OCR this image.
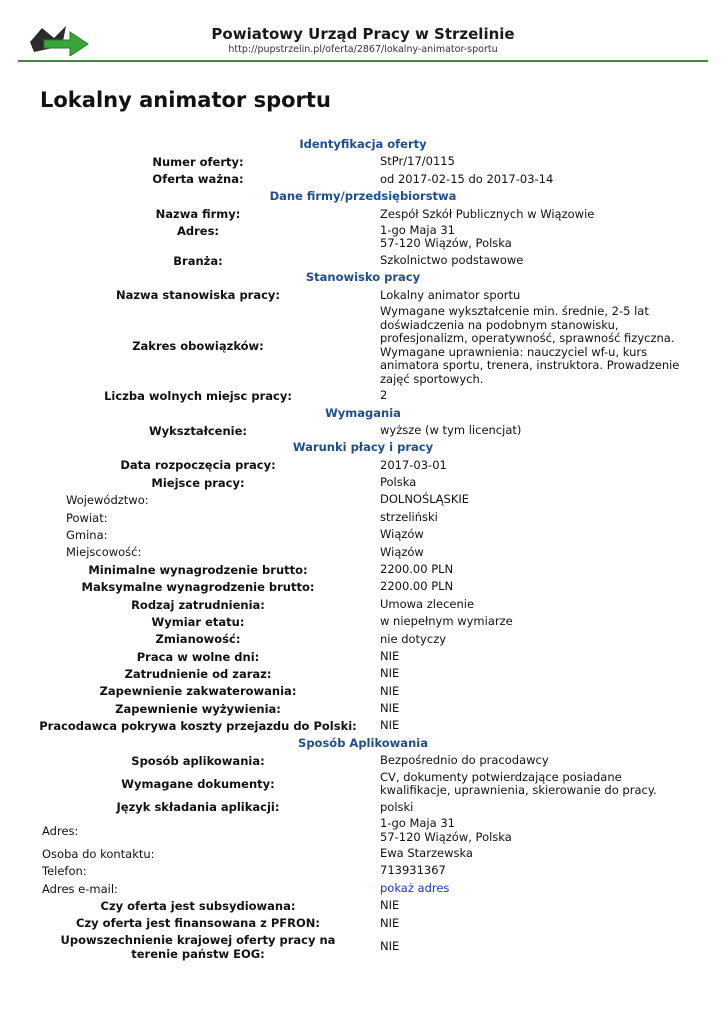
Powiatowy Urząd Pracy w Strzelinie
http://pupstrzelin.pl/oferta/2867/lokalny-animator-sportu
Lokalny animator sportu
Identyfikacja oferty
Numer oferty:	StPr/17/0115
Oferta ważna:	od 2017-02-15 do 2017-03-14
Dane firmy/przedsiębiorstwa
Nazwa firmy:	Zespół Szkół Publicznych w Wiązowie
Adres:	1-go Maja 31
57-120 Wiązów, Polska
Branża:	Szkolnictwo podstawowe
Stanowisko pracy
Nazwa stanowiska pracy:	Lokalny animator sportu
Zakres obowiązków:
Wymagane wykształcenie min. średnie, 2-5 lat doświadczenia na podobnym stanowisku, profesjonalizm, operatywność, sprawność fizyczna. Wymagane uprawnienia: nauczyciel wf-u, kurs animatora sportu, trenera, instruktora. Prowadzenie zajęć sportowych.
Liczba wolnych miejsc pracy:	2
Wymagania
Wykształcenie:	wyższe (w tym licencjat)
Warunki płacy i pracy
Data rozpoczęcia pracy:	2017-03-01
Miejsce pracy:	Polska
Województwo:	DOLNOŚLĄSKIE
Powiat:	strzeliński
Gmina:	Wiązów
Miejscowość:	Wiązów
Minimalne wynagrodzenie brutto:	2200.00 PLN
Maksymalne wynagrodzenie brutto:	2200.00 PLN
Rodzaj zatrudnienia:	Umowa zlecenie
Wymiar etatu:	w niepełnym wymiarze
Zmianowość:	nie dotyczy
Praca w wolne dni:	NIE
Zatrudnienie od zaraz:	NIE
Zapewnienie zakwaterowania:	NIE
Zapewnienie wyżywienia:	NIE
Pracodawca pokrywa koszty przejazdu do Polski:	NIE
Sposób Aplikowania
Sposób aplikowania:	Bezpośrednio do pracodawcy
Wymagane dokumenty:
CV, dokumenty potwierdzające posiadane kwalifikacje, uprawnienia, skierowanie do pracy.
Język składania aplikacji:	polski
Adres:
1-go Maja 31
57-120 Wiązów, Polska
Osoba do kontaktu:	Ewa Starzewska
Telefon:	713931367
Adres e-mail:	pokaż adres
Czy oferta jest subsydiowana:	NIE
Czy oferta jest finansowana z PFRON:	NIE
Upowszechnienie krajowej oferty pracy na terenie państw EOG:
NIE
